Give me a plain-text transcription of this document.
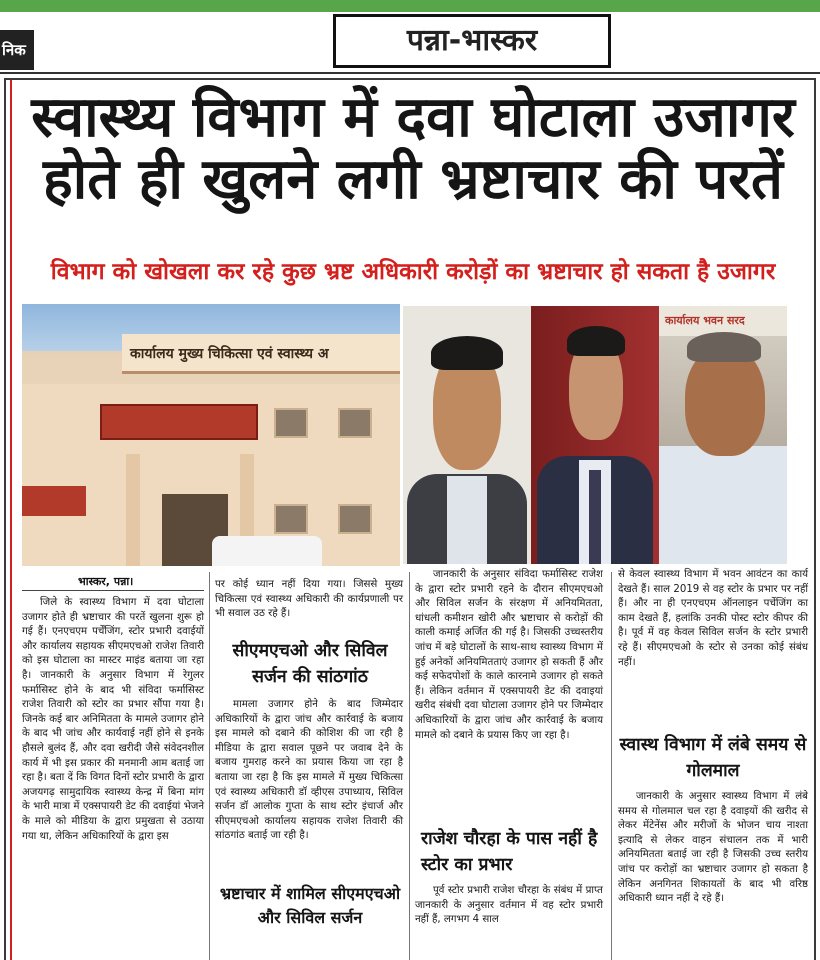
निक	पन्ना-भास्कर
स्वास्थ्य विभाग में दवा घोटाला उजागर
होते ही खुलने लगी भ्रष्टाचार की परतें
विभाग को खोखला कर रहे कुछ भ्रष्ट अधिकारी करोड़ों का भ्रष्टाचार हो सकता है उजागर
कार्यालय मुख्य चिकित्सा एवं स्वास्थ्य अ
कार्यालय भवन सरद
भास्कर, पन्ना।

जिले के स्वास्थ्य विभाग में दवा घोटाला उजागर होते ही भ्रष्टाचार की परतें खुलना शुरू हो गई हैं। एनएचएम पर्चेंजिंग, स्टोर प्रभारी दवाईयों और कार्यालय सहायक सीएमएचओ राजेश तिवारी को इस घोटाला का मास्टर माइंड बताया जा रहा है। जानकारी के अनुसार विभाग में रेगुलर फर्मासिस्ट होने के बाद भी संविदा फर्मासिस्ट राजेश तिवारी को स्टोर का प्रभार सौंपा गया है। जिनके कई बार अनिमितता के मामले उजागर होने के बाद भी जांच और कार्यवाई नहीं होने से इनके हौसले बुलंद हैं, और दवा खरीदी जैसे संवेदनशील कार्य में भी इस प्रकार की मनमानी आम बताई जा रहा है। बता दें कि विगत दिनों स्टोर प्रभारी के द्वारा अजयगढ़ सामुदायिक स्वास्थ्य केन्द्र में बिना मांग के भारी मात्रा में एक्सपायरी डेट की दवाईयां भेजने के माले को मीडिया के द्वारा प्रमुखता से उठाया गया था, लेकिन अधिकारियों के द्वारा इस

पर कोई ध्यान नहीं दिया गया। जिससे मुख्य चिकित्सा एवं स्वास्थ्य अधिकारी की कार्यप्रणाली पर भी सवाल उठ रहे हैं।

सीएमएचओ और सिविल सर्जन की सांठगांठ

मामला उजागर होने के बाद जिम्मेदार अधिकारियों के द्वारा जांच और कार्रवाई के बजाय इस मामले को दबाने की कोशिश की जा रही है मीडिया के द्वारा सवाल पूछने पर जवाब देने के बजाय गुमराह करने का प्रयास किया जा रहा है बताया जा रहा है कि इस मामले में मुख्य चिकित्सा एवं स्वास्थ्य अधिकारी डॉ व्हीएस उपाध्याय, सिविल सर्जन डॉ आलोक गुप्ता के साथ स्टोर इंचार्ज और सीएमएचओ कार्यालय सहायक राजेश तिवारी की सांठगांठ बताई जा रही है।

भ्रष्टाचार में शामिल सीएमएचओ और सिविल सर्जन

जानकारी के अनुसार संविदा फर्मासिस्ट राजेश के द्वारा स्टोर प्रभारी रहने के दौरान सीएमएचओ और सिविल सर्जन के संरक्षण में अनियमितता, धांधली कमीशन खोरी और भ्रष्टाचार से करोड़ों की काली कमाई अर्जित की गई है। जिसकी उच्चस्तरीय जांच में बड़े घोटालों के साथ-साथ स्वास्थ्य विभाग में हुई अनेकों अनियमितताएं उजागर हो सकती हैं और कई सफेदपोशों के काले कारनामे उजागर हो सकते हैं। लेकिन वर्तमान में एक्सपायरी डेट की दवाइयां खरीद संबंधी दवा घोटाला उजागर होने पर जिम्मेदार अधिकारियों के द्वारा जांच और कार्रवाई के बजाय मामले को दबाने के प्रयास किए जा रहा है।

राजेश चौरहा के पास नहीं है स्टोर का प्रभार

पूर्व स्टोर प्रभारी राजेश चौरहा के संबंध में प्राप्त जानकारी के अनुसार वर्तमान में वह स्टोर प्रभारी नहीं हैं, लगभग 4 साल

से केवल स्वास्थ्य विभाग में भवन आवंटन का कार्य देखते हैं। साल 2019 से वह स्टोर के प्रभार पर नहीं हैं। और ना ही एनएचएम ऑनलाइन पर्चेजिंग का काम देखते हैं, हलांकि उनकी पोस्ट स्टोर कीपर की है। पूर्व में वह केवल सिविल सर्जन के स्टोर प्रभारी रहे हैं। सीएमएचओ के स्टोर से उनका कोई संबंध नहीं।

स्वास्थ विभाग में लंबे समय से गोलमाल

जानकारी के अनुसार स्वास्थ्य विभाग में लंबे समय से गोलमाल चल रहा है दवाइयों की खरीद से लेकर मेंटेनेंस और मरीजों के भोजन चाय नाश्ता इत्यादि से लेकर वाहन संचालन तक में भारी अनियमितता बताई जा रही है जिसकी उच्च स्तरीय जांच पर करोड़ों का भ्रष्टाचार उजागर हो सकता है लेकिन अनगिनत शिकायतों के बाद भी वरिष्ठ अधिकारी ध्यान नहीं दे रहे हैं।
